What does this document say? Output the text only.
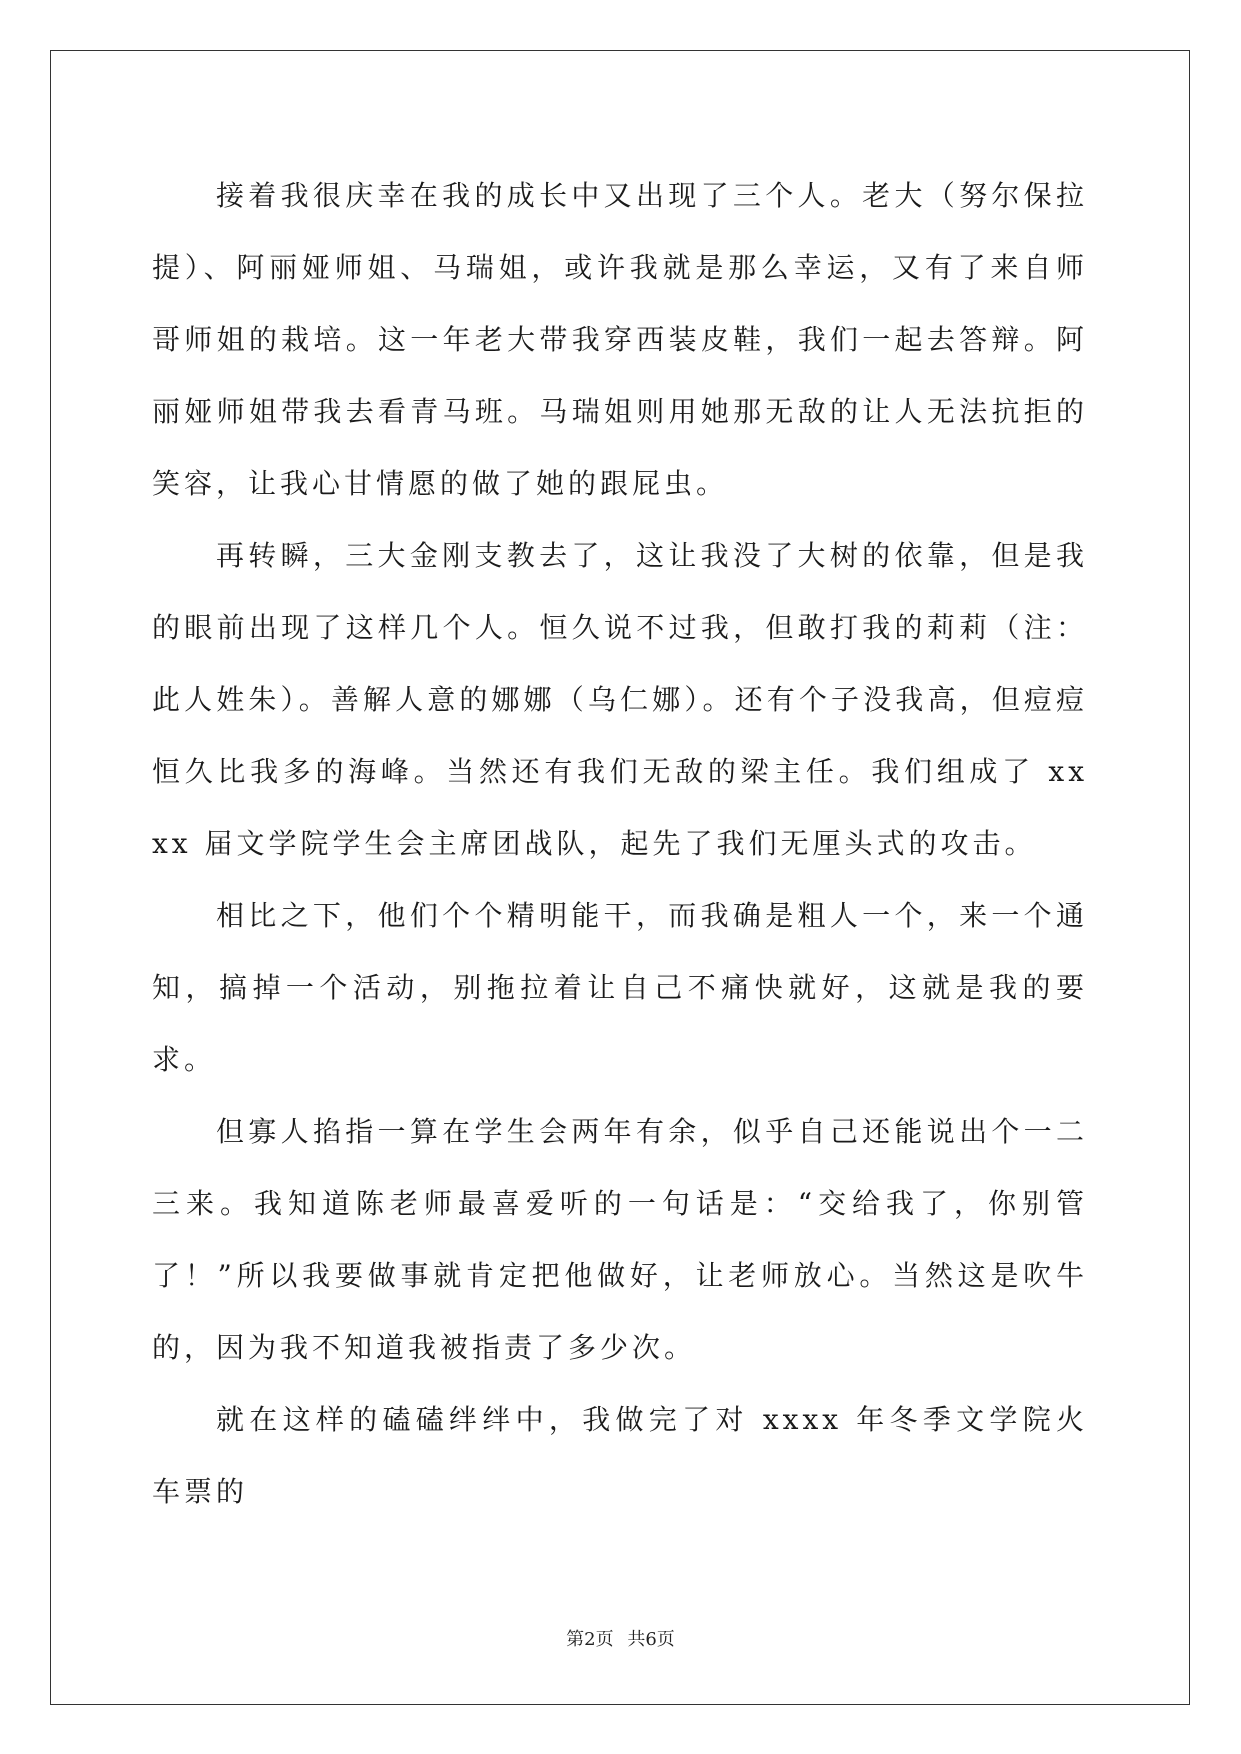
接着我很庆幸在我的成长中又出现了三个人。老大（努尔保拉提）、阿丽娅师姐、马瑞姐，或许我就是那么幸运，又有了来自师哥师姐的栽培。这一年老大带我穿西装皮鞋，我们一起去答辩。阿丽娅师姐带我去看青马班。马瑞姐则用她那无敌的让人无法抗拒的笑容，让我心甘情愿的做了她的跟屁虫。

再转瞬，三大金刚支教去了，这让我没了大树的依靠，但是我的眼前出现了这样几个人。恒久说不过我，但敢打我的莉莉（注：此人姓朱）。善解人意的娜娜（乌仁娜）。还有个子没我高，但痘痘恒久比我多的海峰。当然还有我们无敌的梁主任。我们组成了 xxxx 届文学院学生会主席团战队，起先了我们无厘头式的攻击。

相比之下，他们个个精明能干，而我确是粗人一个，来一个通知，搞掉一个活动，别拖拉着让自己不痛快就好，这就是我的要求。

但寡人掐指一算在学生会两年有余，似乎自己还能说出个一二三来。我知道陈老师最喜爱听的一句话是：“交给我了，你别管了！”所以我要做事就肯定把他做好，让老师放心。当然这是吹牛的，因为我不知道我被指责了多少次。

就在这样的磕磕绊绊中，我做完了对 xxxx 年冬季文学院火车票的

第2页 共6页
